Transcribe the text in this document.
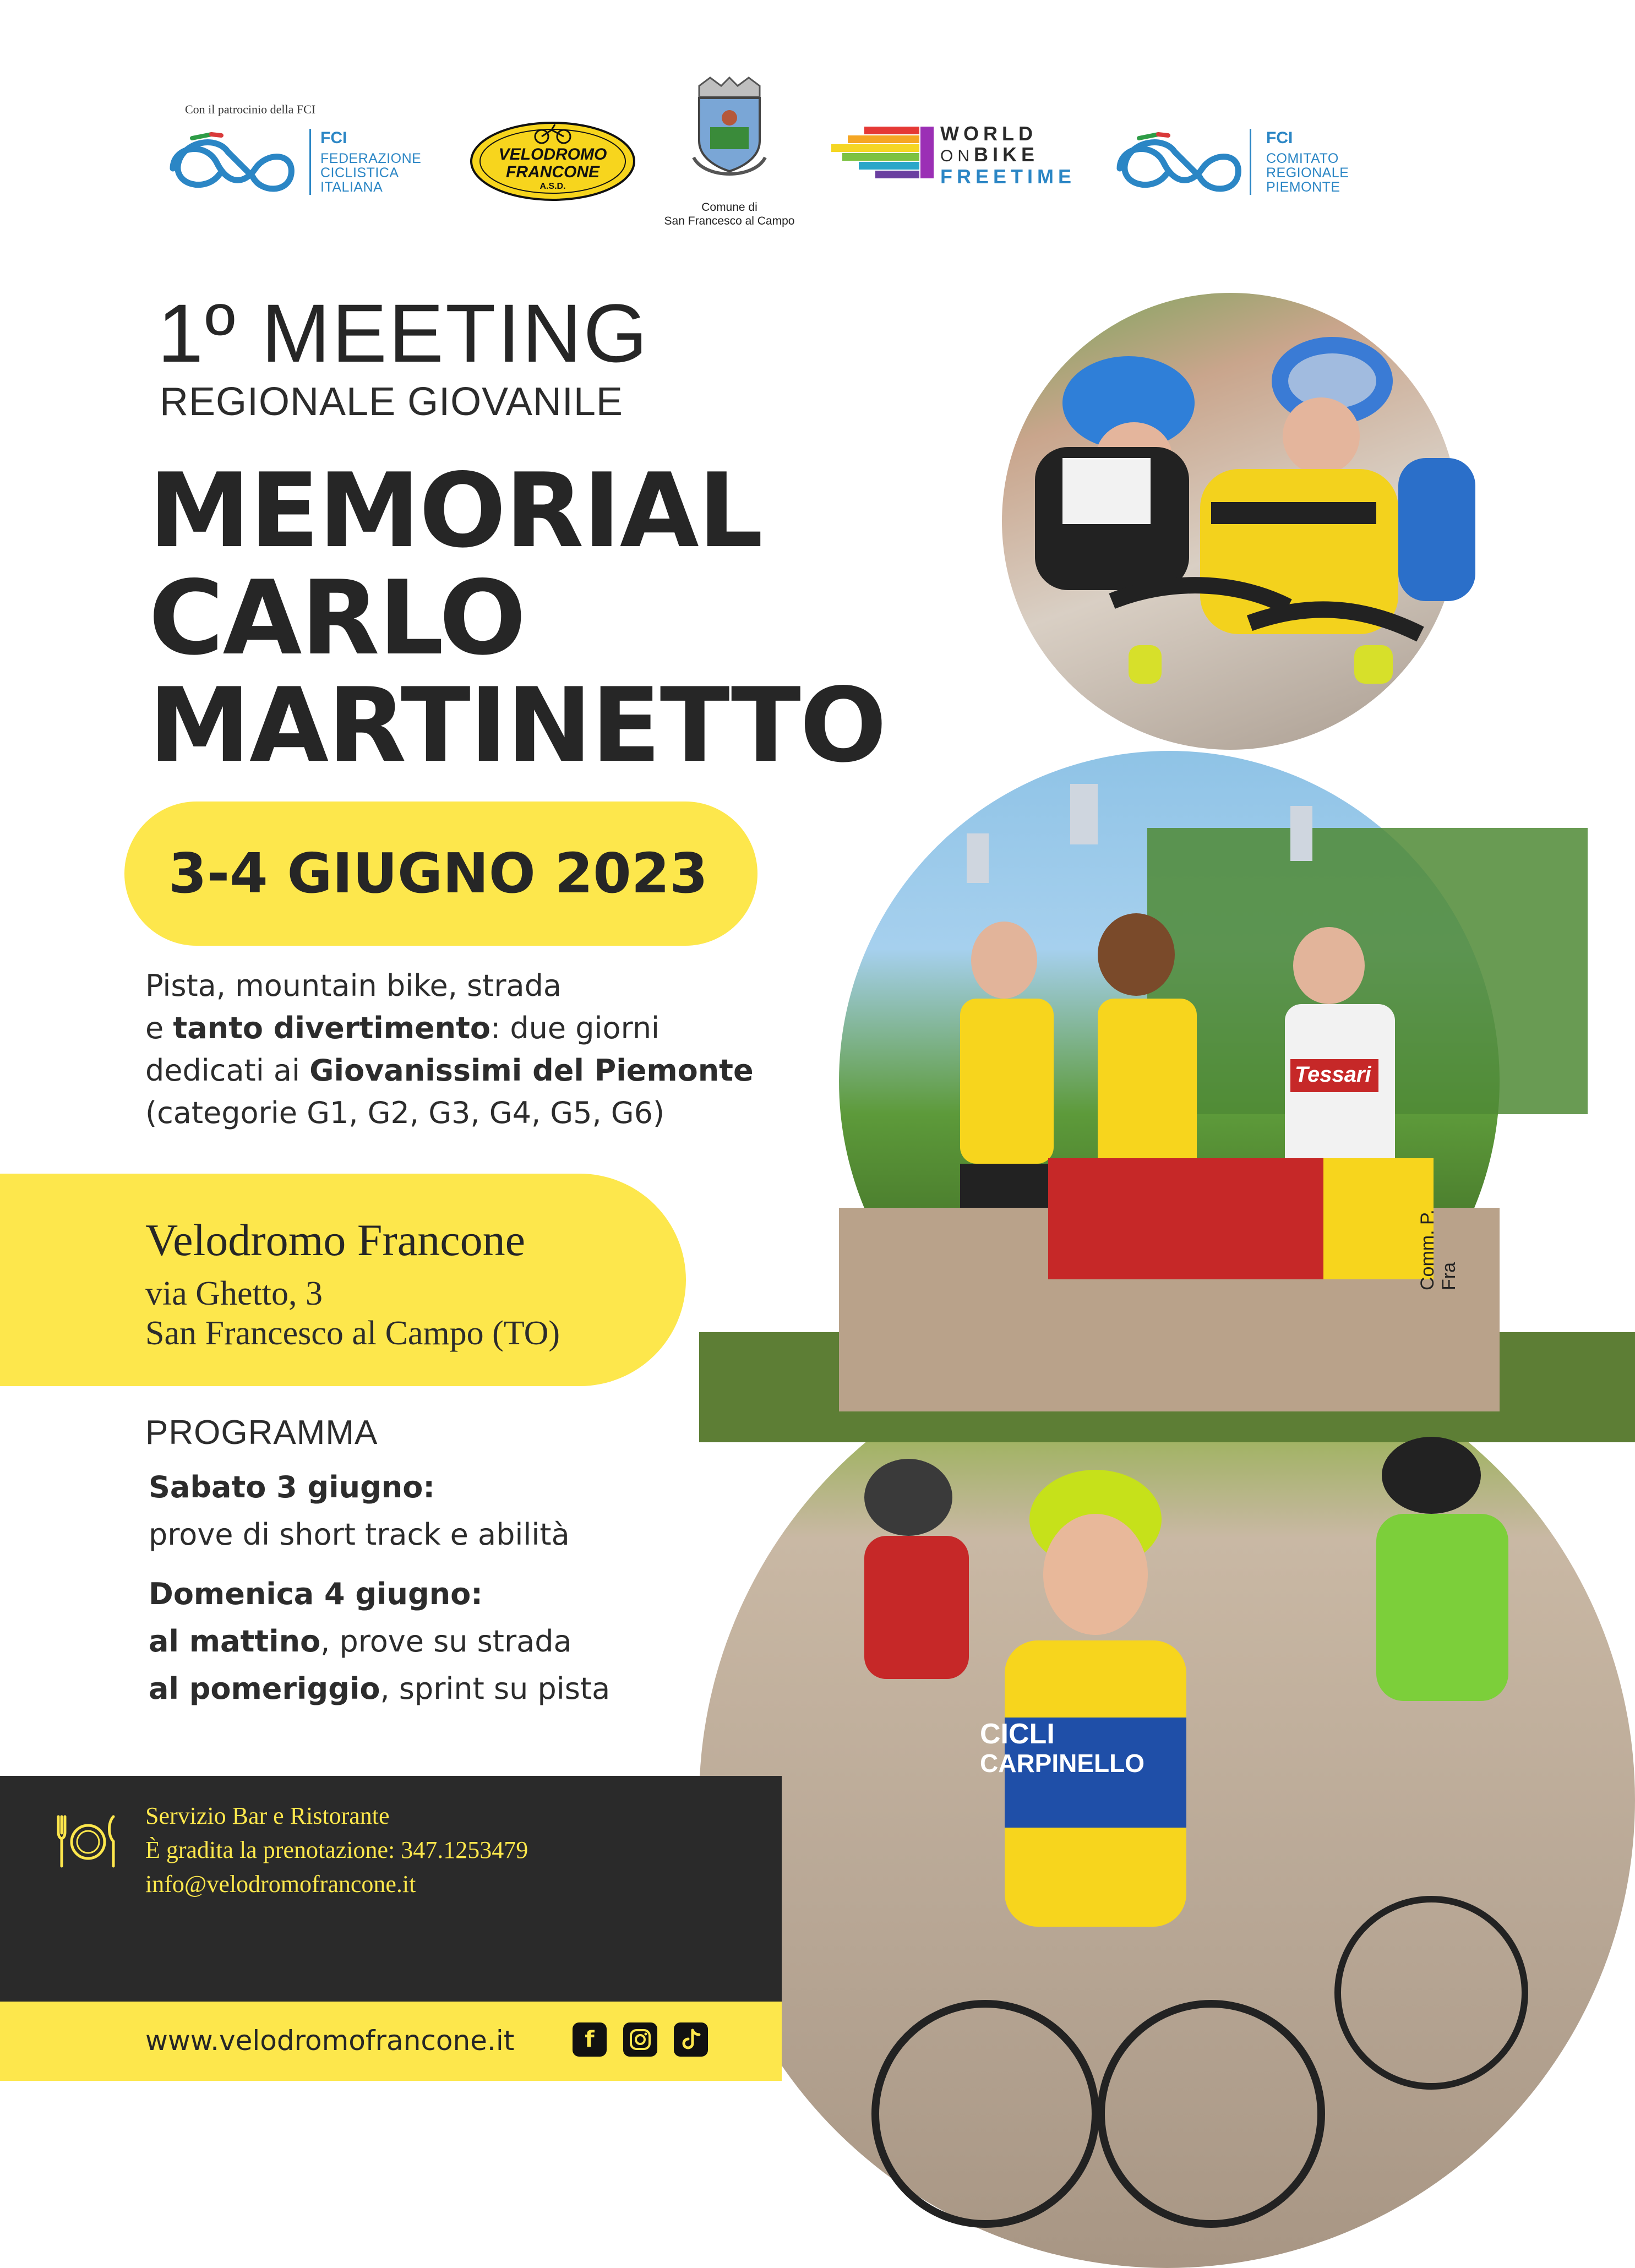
Con il patrocinio della FCI
FCI
FEDERAZIONE
CICLISTICA
ITALIANA
VELODROMO
FRANCONE
A.S.D.
Comune di
San Francesco al Campo
WORLD
ONBIKE
FREETIME
FCI
COMITATO
REGIONALE
PIEMONTE
CICLI
CARPINELLO
Tessari
Comm. P. Fra
1º MEETING
REGIONALE GIOVANILE
MEMORIAL
CARLO
MARTINETTO
3-4 GIUGNO 2023
Pista, mountain bike, strada
e tanto divertimento: due giorni
dedicati ai Giovanissimi del Piemonte
(categorie G1, G2, G3, G4, G5, G6)
Velodromo Francone
via Ghetto, 3
San Francesco al Campo (TO)
PROGRAMMA
Sabato 3 giugno:
prove di short track e abilità
Domenica 4 giugno:
al mattino, prove su strada
al pomeriggio, sprint su pista
Servizio Bar e Ristorante
È gradita la prenotazione: 347.1253479
info@velodromofrancone.it
www.velodromofrancone.it	f
